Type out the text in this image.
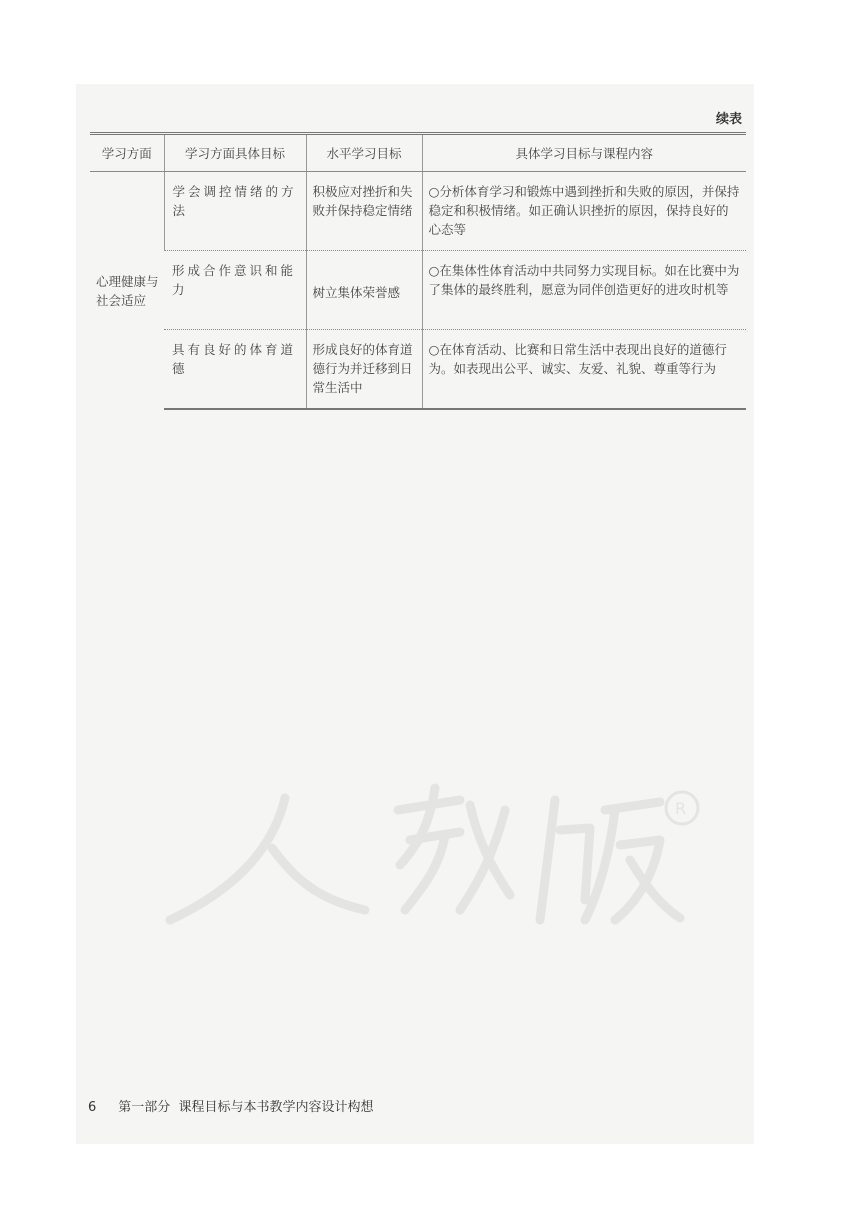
续表
学习方面	学习方面具体目标	水平学习目标	具体学习目标与课程内容
心理健康与社会适应	学会调控情绪的方法	积极应对挫折和失败并保持稳定情绪	○分析体育学习和锻炼中遇到挫折和失败的原因，并保持稳定和积极情绪。如正确认识挫折的原因，保持良好的心态等
	形成合作意识和能力	树立集体荣誉感	○在集体性体育活动中共同努力实现目标。如在比赛中为了集体的最终胜利，愿意为同伴创造更好的进攻时机等
	具有良好的体育道德	形成良好的体育道德行为并迁移到日常生活中	○在体育活动、比赛和日常生活中表现出良好的道德行为。如表现出公平、诚实、友爱、礼貌、尊重等行为
R
6 第一部分  课程目标与本书教学内容设计构想
